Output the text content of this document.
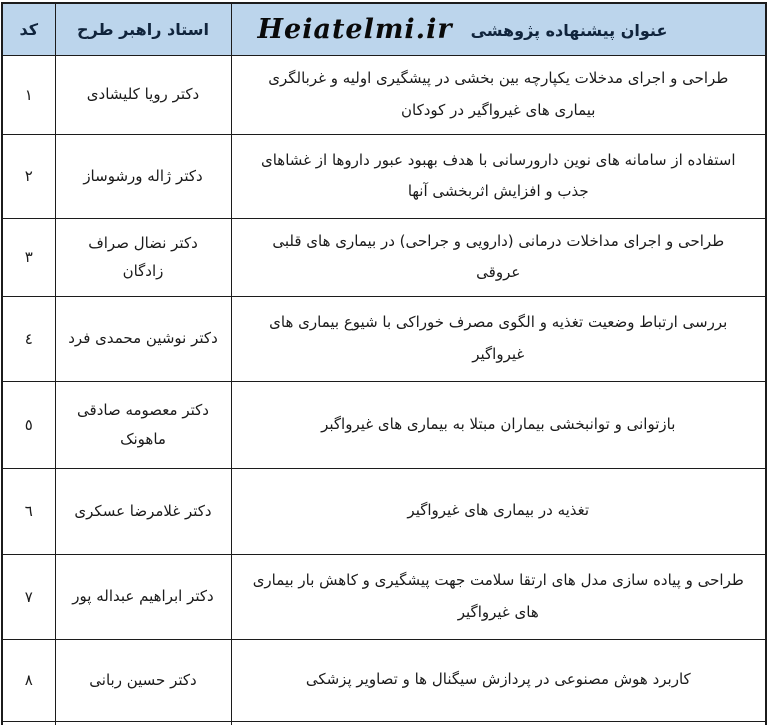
Heiatelmi.ir عنوان پیشنهاده پژوهشی	استاد راهبر طرح	کد
طراحی و اجرای مدخلات یکپارچه بین بخشی در پیشگیری اولیه و غربالگری بیماری های غیرواگیر در کودکان	دکتر رویا کلیشادی	١
استفاده از سامانه های نوین دارورسانی با هدف بهبود عبور داروها از غشاهای جذب و افزایش اثربخشی آنها	دکتر ژاله ورشوساز	٢
طراحی و اجرای مداخلات درمانی (دارویی و جراحی) در بیماری های قلبی عروقی	دکتر نضال صراف زادگان	٣
بررسی ارتباط وضعیت تغذیه و الگوی مصرف خوراکی با شیوع بیماری های غیرواگیر	دکتر نوشین محمدی فرد	٤
بازتوانی و توانبخشی بیماران مبتلا به بیماری های غیرواگبر	دکتر معصومه صادقی ماهونک	٥
تغذیه در بیماری های غیرواگیر	دکتر غلامرضا عسکری	٦
طراحی و پیاده سازی مدل های ارتقا سلامت جهت پیشگیری و کاهش بار بیماری های غیرواگیر	دکتر ابراهیم عبداله پور	٧
کاربرد هوش مصنوعی در پردازش سیگنال ها و تصاویر پزشکی	دکتر حسین ربانی	٨
